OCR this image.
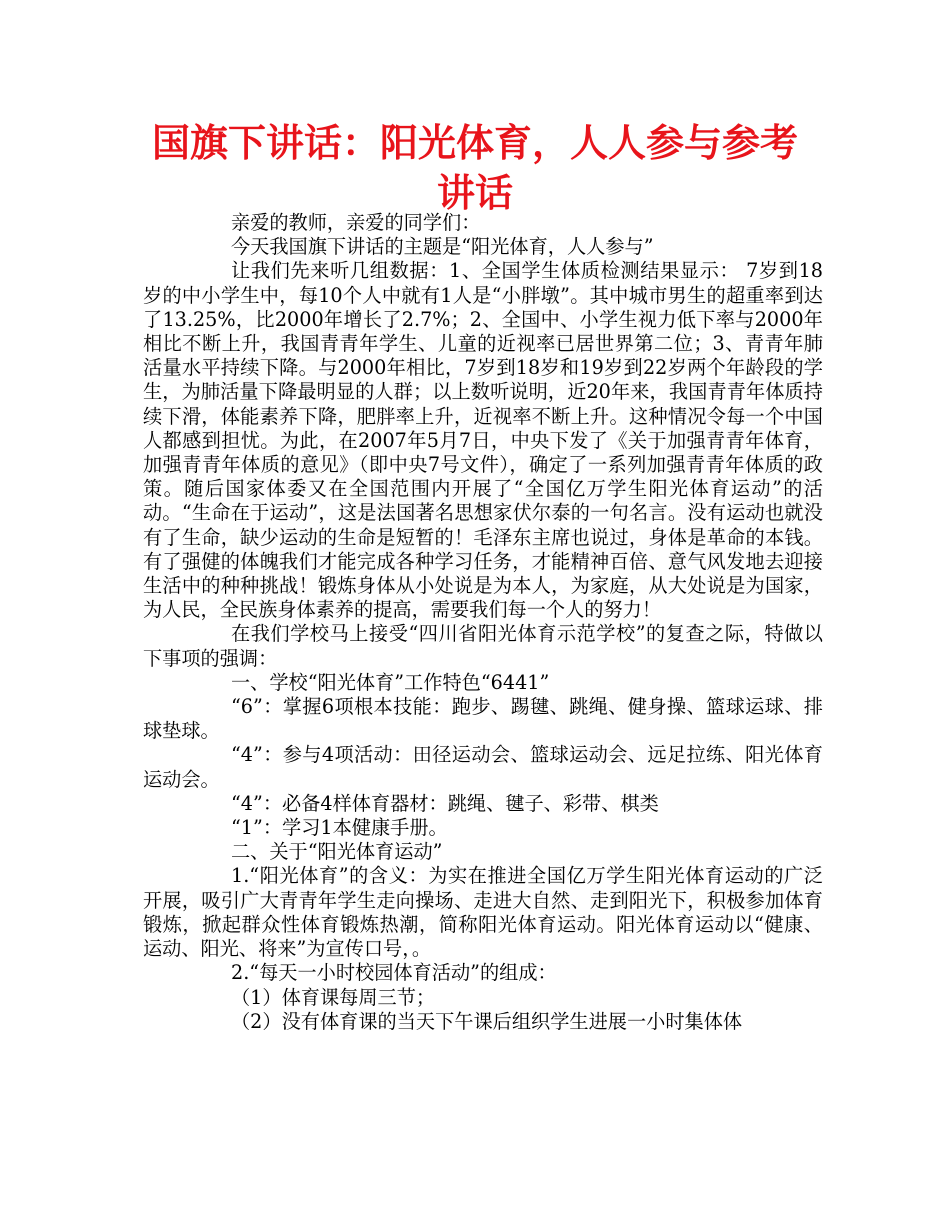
国旗下讲话：阳光体育，人人参与参考讲话

亲爱的教师，亲爱的同学们：

今天我国旗下讲话的主题是“阳光体育，人人参与”

让我们先来听几组数据：1、全国学生体质检测结果显示： 7岁到18岁的中小学生中，每10个人中就有1人是“小胖墩”。其中城市男生的超重率到达了13.25%，比2000年增长了2.7%；2、全国中、小学生视力低下率与2000年相比不断上升，我国青青年学生、儿童的近视率已居世界第二位；3、青青年肺活量水平持续下降。与2000年相比，7岁到18岁和19岁到22岁两个年龄段的学生，为肺活量下降最明显的人群；以上数听说明，近20年来，我国青青年体质持续下滑，体能素养下降，肥胖率上升，近视率不断上升。这种情况令每一个中国人都感到担忧。为此，在2007年5月7日，中央下发了《关于加强青青年体育，加强青青年体质的意见》（即中央7号文件），确定了一系列加强青青年体质的政策。随后国家体委又在全国范围内开展了“全国亿万学生阳光体育运动”的活动。“生命在于运动”，这是法国著名思想家伏尔泰的一句名言。没有运动也就没有了生命，缺少运动的生命是短暂的！毛泽东主席也说过，身体是革命的本钱。有了强健的体魄我们才能完成各种学习任务，才能精神百倍、意气风发地去迎接生活中的种种挑战！锻炼身体从小处说是为本人，为家庭，从大处说是为国家，为人民，全民族身体素养的提高，需要我们每一个人的努力！

在我们学校马上接受“四川省阳光体育示范学校”的复查之际，特做以下事项的强调：

一、学校“阳光体育”工作特色“6441”

“6”：掌握6项根本技能：跑步、踢毽、跳绳、健身操、篮球运球、排球垫球。

“4”：参与4项活动：田径运动会、篮球运动会、远足拉练、阳光体育运动会。

“4”：必备4样体育器材：跳绳、毽子、彩带、棋类

“1”：学习1本健康手册。

二、关于“阳光体育运动”

1.“阳光体育”的含义：为实在推进全国亿万学生阳光体育运动的广泛开展，吸引广大青青年学生走向操场、走进大自然、走到阳光下，积极参加体育锻炼，掀起群众性体育锻炼热潮，简称阳光体育运动。阳光体育运动以“健康、运动、阳光、将来”为宣传口号，。

2.“每天一小时校园体育活动”的组成：

（1）体育课每周三节；

（2）没有体育课的当天下午课后组织学生进展一小时集体体
